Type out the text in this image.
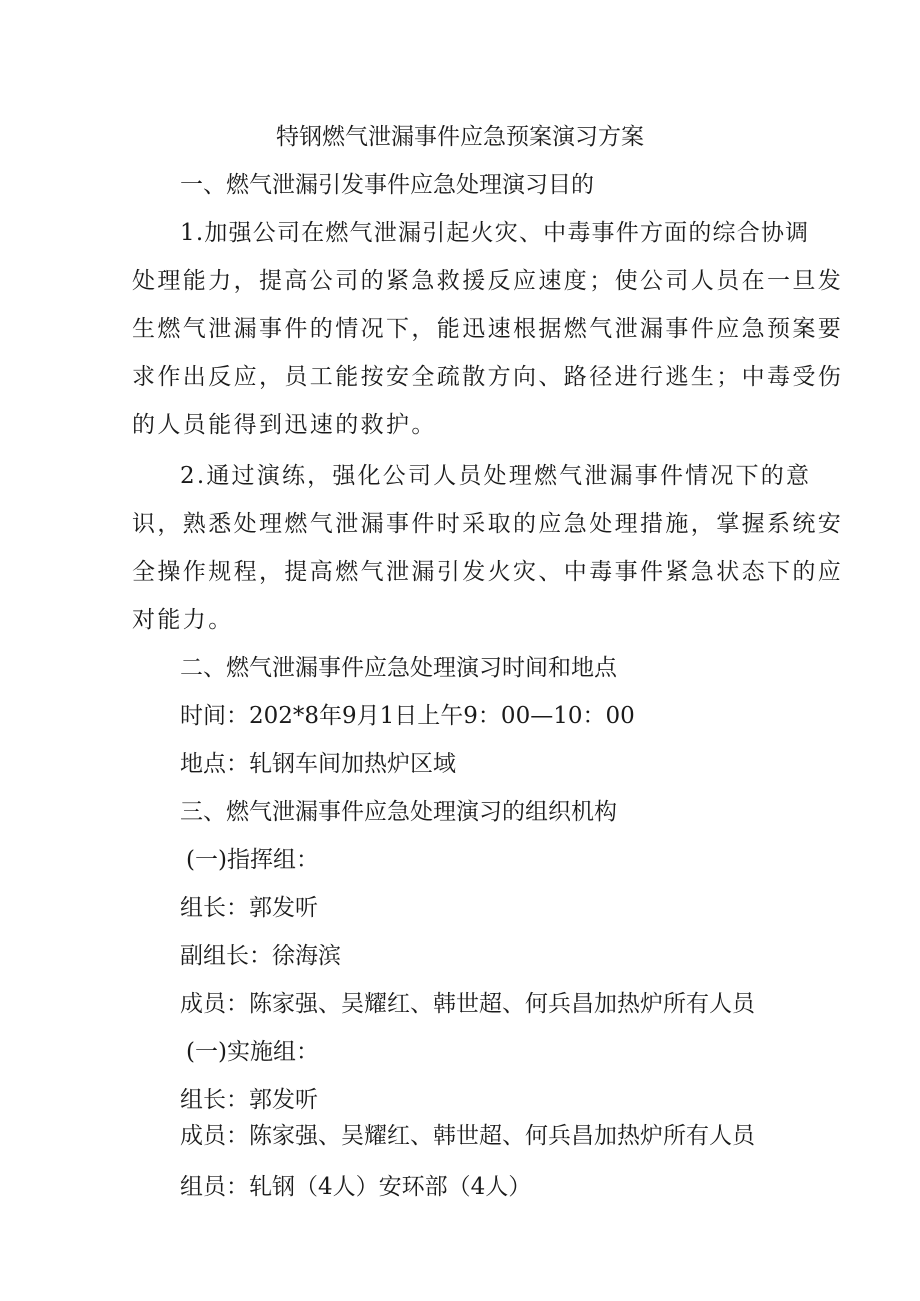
特钢燃气泄漏事件应急预案演习方案
一、燃气泄漏引发事件应急处理演习目的
1.加强公司在燃气泄漏引起火灾、中毒事件方面的综合协调
处理能力，提高公司的紧急救援反应速度；使公司人员在一旦发
生燃气泄漏事件的情况下，能迅速根据燃气泄漏事件应急预案要
求作出反应，员工能按安全疏散方向、路径进行逃生；中毒受伤
的人员能得到迅速的救护。
2.通过演练，强化公司人员处理燃气泄漏事件情况下的意
识，熟悉处理燃气泄漏事件时采取的应急处理措施，掌握系统安
全操作规程，提高燃气泄漏引发火灾、中毒事件紧急状态下的应
对能力。
二、燃气泄漏事件应急处理演习时间和地点
时间：202*8年9月1日上午9：00—10：00
地点：轧钢车间加热炉区域
三、燃气泄漏事件应急处理演习的组织机构
(一)指挥组：
组长：郭发听
副组长：徐海滨
成员：陈家强、吴耀红、韩世超、何兵昌加热炉所有人员
(一)实施组：
组长：郭发听
成员：陈家强、吴耀红、韩世超、何兵昌加热炉所有人员
组员：轧钢（4人）安环部（4人）
